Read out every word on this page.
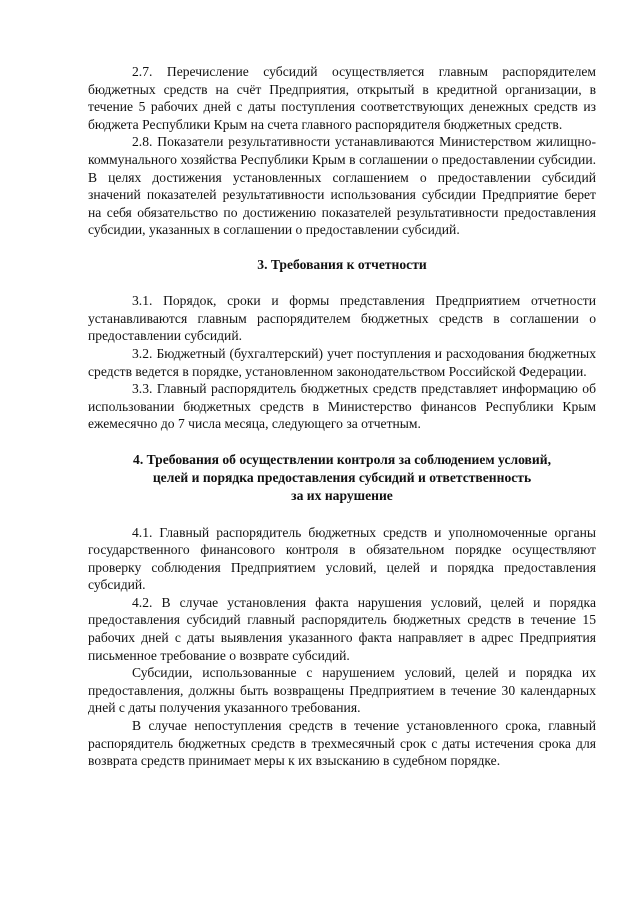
2.7. Перечисление субсидий осуществляется главным распорядителем бюджетных средств на счёт Предприятия, открытый в кредитной организации, в течение 5 рабочих дней с даты поступления соответствующих денежных средств из бюджета Республики Крым на счета главного распорядителя бюджетных средств.

2.8. Показатели результативности устанавливаются Министерством жилищно-коммунального хозяйства Республики Крым в соглашении о предоставлении субсидии. В целях достижения установленных соглашением о предоставлении субсидий значений показателей результативности использования субсидии Предприятие берет на себя обязательство по достижению показателей результативности предоставления субсидии, указанных в соглашении о предоставлении субсидий.

3. Требования к отчетности

3.1. Порядок, сроки и формы представления Предприятием отчетности устанавливаются главным распорядителем бюджетных средств в соглашении о предоставлении субсидий.

3.2. Бюджетный (бухгалтерский) учет поступления и расходования бюджетных средств ведется в порядке, установленном законодательством Российской Федерации.

3.3. Главный распорядитель бюджетных средств представляет информацию об использовании бюджетных средств в Министерство финансов Республики Крым ежемесячно до 7 числа месяца, следующего за отчетным.

4. Требования об осуществлении контроля за соблюдением условий,
целей и порядка предоставления субсидий и ответственность
за их нарушение

4.1. Главный распорядитель бюджетных средств и уполномоченные органы государственного финансового контроля в обязательном порядке осуществляют проверку соблюдения Предприятием условий, целей и порядка предоставления субсидий.

4.2. В случае установления факта нарушения условий, целей и порядка предоставления субсидий главный распорядитель бюджетных средств в течение 15 рабочих дней с даты выявления указанного факта направляет в адрес Предприятия письменное требование о возврате субсидий.

Субсидии, использованные с нарушением условий, целей и порядка их предоставления, должны быть возвращены Предприятием в течение 30 календарных дней с даты получения указанного требования.

В случае непоступления средств в течение установленного срока, главный распорядитель бюджетных средств в трехмесячный срок с даты истечения срока для возврата средств принимает меры к их взысканию в судебном порядке.
